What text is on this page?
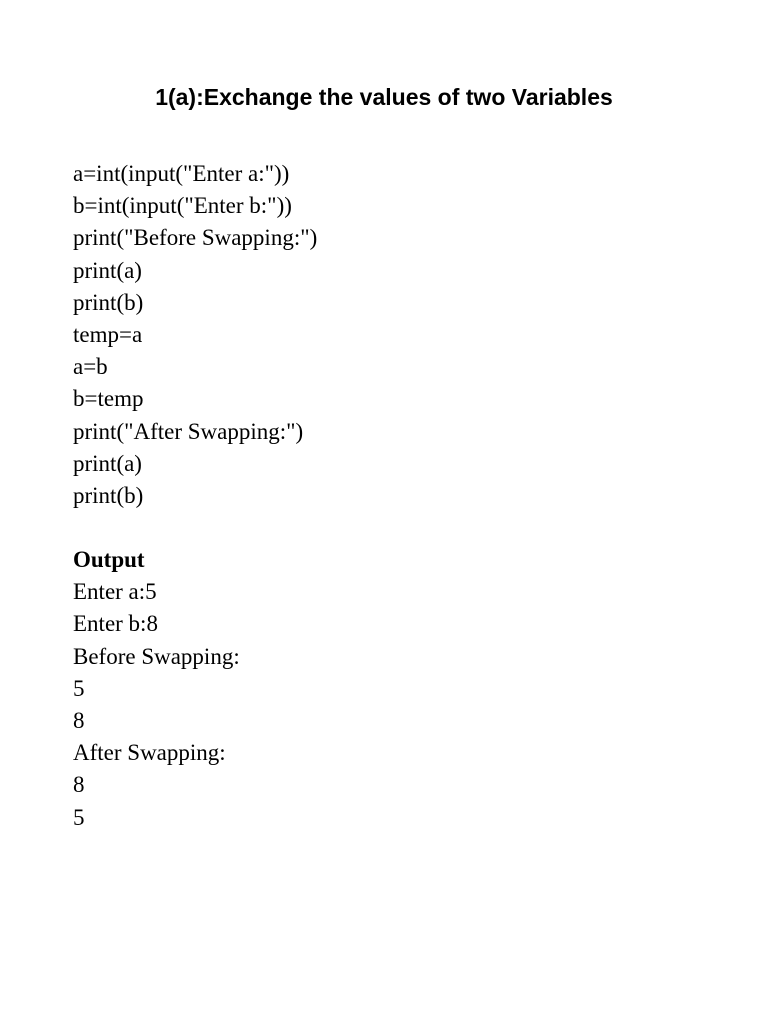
1(a):Exchange the values of two Variables
a=int(input("Enter a:"))
b=int(input("Enter b:"))
print("Before Swapping:")
print(a)
print(b)
temp=a
a=b
b=temp
print("After Swapping:")
print(a)
print(b)
Output
Enter a:5
Enter b:8
Before Swapping:
5
8
After Swapping:
8
5
